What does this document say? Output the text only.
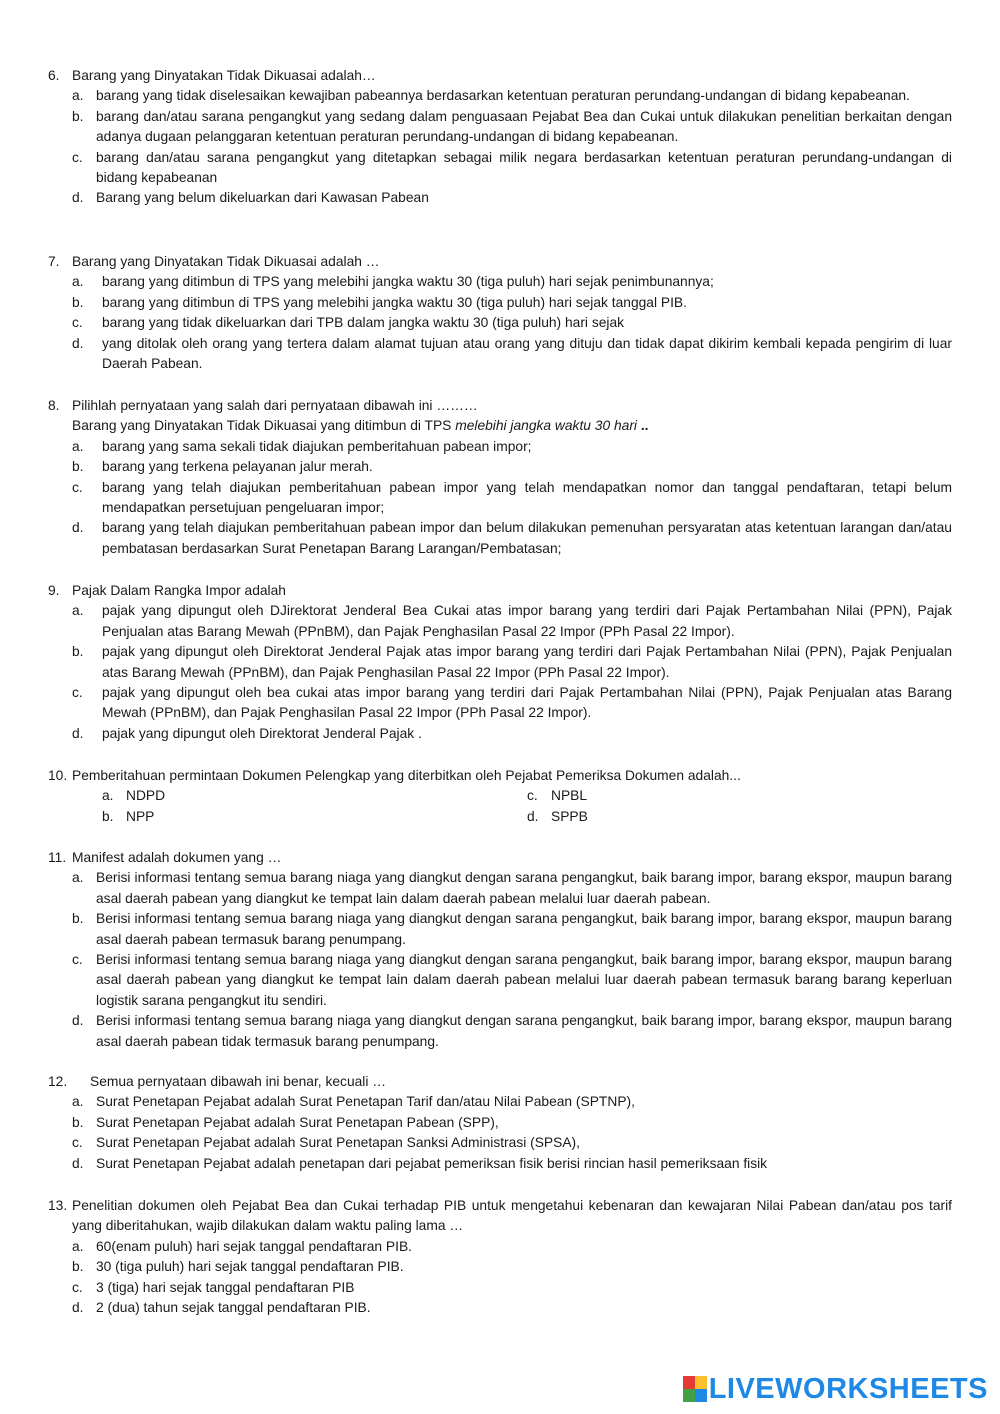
6. Barang yang Dinyatakan Tidak Dikuasai adalah…
a. barang yang tidak diselesaikan kewajiban pabeannya berdasarkan ketentuan peraturan perundang-undangan di bidang kepabeanan.
b. barang dan/atau sarana pengangkut yang sedang dalam penguasaan Pejabat Bea dan Cukai untuk dilakukan penelitian berkaitan dengan adanya dugaan pelanggaran ketentuan peraturan perundang-undangan di bidang kepabeanan.
c. barang dan/atau sarana pengangkut yang ditetapkan sebagai milik negara berdasarkan ketentuan peraturan perundang-undangan di bidang kepabeanan
d. Barang yang belum dikeluarkan dari Kawasan Pabean
7. Barang yang Dinyatakan Tidak Dikuasai adalah …
a. barang yang ditimbun di TPS yang melebihi jangka waktu 30 (tiga puluh) hari sejak penimbunannya;
b. barang yang ditimbun di TPS yang melebihi jangka waktu 30 (tiga puluh) hari sejak tanggal PIB.
c. barang yang tidak dikeluarkan dari TPB dalam jangka waktu 30 (tiga puluh) hari sejak
d. yang ditolak oleh orang yang tertera dalam alamat tujuan atau orang yang dituju dan tidak dapat dikirim kembali kepada pengirim di luar Daerah Pabean.
8. Pilihlah pernyataan yang salah dari pernyataan dibawah ini ………
Barang yang Dinyatakan Tidak Dikuasai yang ditimbun di TPS melebihi jangka waktu 30 hari ..
a. barang yang sama sekali tidak diajukan pemberitahuan pabean impor;
b. barang yang terkena pelayanan jalur merah.
c. barang yang telah diajukan pemberitahuan pabean impor yang telah mendapatkan nomor dan tanggal pendaftaran, tetapi belum mendapatkan persetujuan pengeluaran impor;
d. barang yang telah diajukan pemberitahuan pabean impor dan belum dilakukan pemenuhan persyaratan atas ketentuan larangan dan/atau pembatasan berdasarkan Surat Penetapan Barang Larangan/Pembatasan;
9. Pajak Dalam Rangka Impor adalah
a. pajak yang dipungut oleh DJirektorat Jenderal Bea Cukai atas impor barang yang terdiri dari Pajak Pertambahan Nilai (PPN), Pajak Penjualan atas Barang Mewah (PPnBM), dan Pajak Penghasilan Pasal 22 Impor (PPh Pasal 22 Impor).
b. pajak yang dipungut oleh Direktorat Jenderal Pajak atas impor barang yang terdiri dari Pajak Pertambahan Nilai (PPN), Pajak Penjualan atas Barang Mewah (PPnBM), dan Pajak Penghasilan Pasal 22 Impor (PPh Pasal 22 Impor).
c. pajak yang dipungut oleh bea cukai atas impor barang yang terdiri dari Pajak Pertambahan Nilai (PPN), Pajak Penjualan atas Barang Mewah (PPnBM), dan Pajak Penghasilan Pasal 22 Impor (PPh Pasal 22 Impor).
d. pajak yang dipungut oleh Direktorat Jenderal Pajak .
10. Pemberitahuan permintaan Dokumen Pelengkap yang diterbitkan oleh Pejabat Pemeriksa Dokumen adalah...
a. NDPD
b. NPP
c. NPBL
d. SPPB
11. Manifest adalah dokumen yang …
a. Berisi informasi tentang semua barang niaga yang diangkut dengan sarana pengangkut, baik barang impor, barang ekspor, maupun barang asal daerah pabean yang diangkut ke tempat lain dalam daerah pabean melalui luar daerah pabean.
b. Berisi informasi tentang semua barang niaga yang diangkut dengan sarana pengangkut, baik barang impor, barang ekspor, maupun barang asal daerah pabean termasuk barang penumpang.
c. Berisi informasi tentang semua barang niaga yang diangkut dengan sarana pengangkut, baik barang impor, barang ekspor, maupun barang asal daerah pabean yang diangkut ke tempat lain dalam daerah pabean melalui luar daerah pabean termasuk barang barang keperluan logistik sarana pengangkut itu sendiri.
d. Berisi informasi tentang semua barang niaga yang diangkut dengan sarana pengangkut, baik barang impor, barang ekspor, maupun barang asal daerah pabean tidak termasuk barang penumpang.
12. Semua pernyataan dibawah ini benar, kecuali …
a. Surat Penetapan Pejabat adalah Surat Penetapan Tarif dan/atau Nilai Pabean (SPTNP),
b. Surat Penetapan Pejabat adalah Surat Penetapan Pabean (SPP),
c. Surat Penetapan Pejabat adalah Surat Penetapan Sanksi Administrasi (SPSA),
d. Surat Penetapan Pejabat adalah penetapan dari pejabat pemeriksan fisik berisi rincian hasil pemeriksaan fisik
13. Penelitian dokumen oleh Pejabat Bea dan Cukai terhadap PIB untuk mengetahui kebenaran dan kewajaran Nilai Pabean dan/atau pos tarif yang diberitahukan, wajib dilakukan dalam waktu paling lama …
a. 60(enam puluh) hari sejak tanggal pendaftaran PIB.
b. 30 (tiga puluh) hari sejak tanggal pendaftaran PIB.
c. 3 (tiga) hari sejak tanggal pendaftaran PIB
d. 2 (dua) tahun sejak tanggal pendaftaran PIB.
LIVEWORKSHEETS
